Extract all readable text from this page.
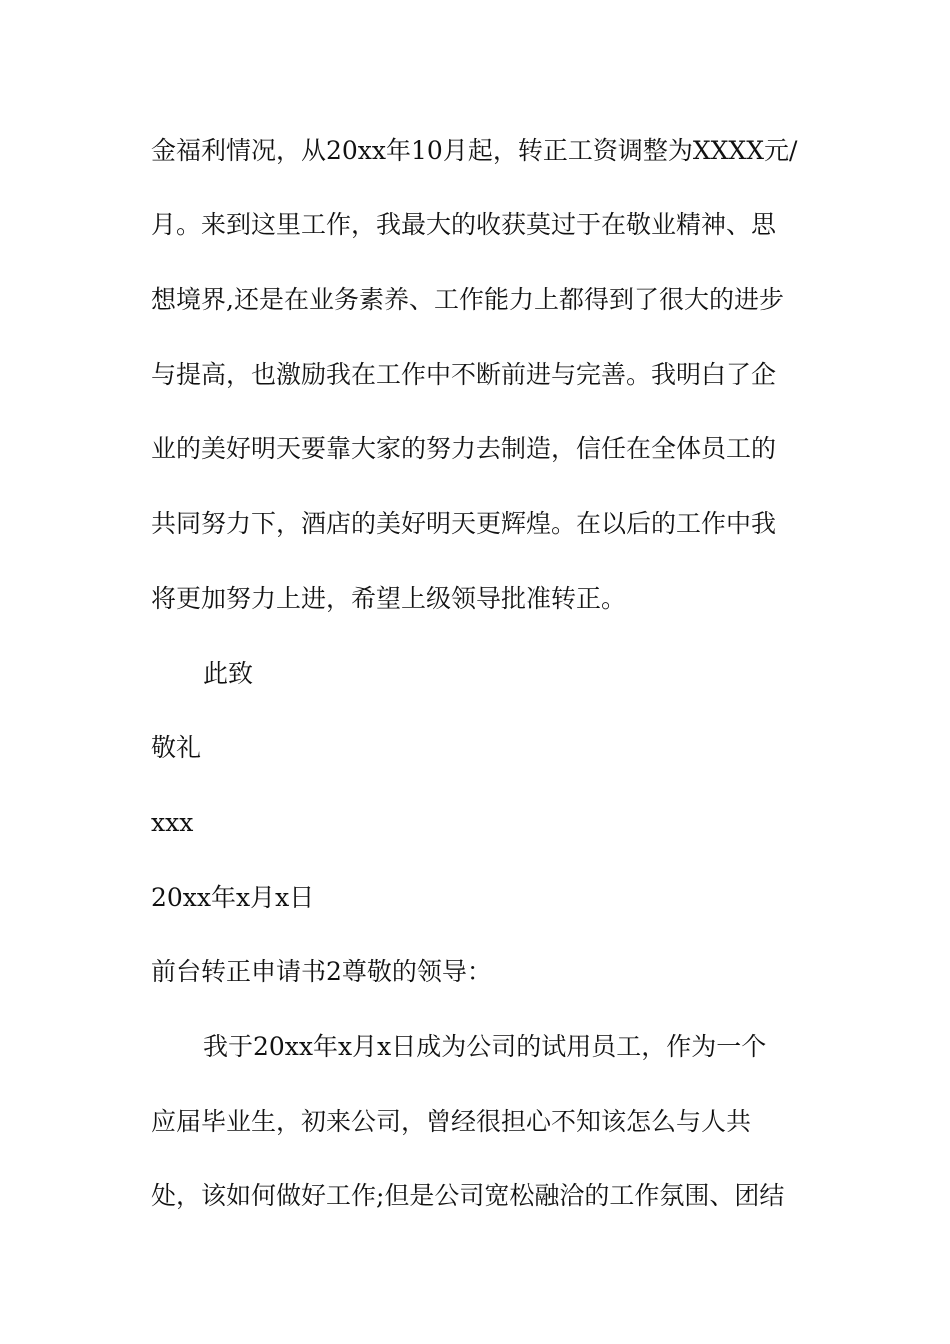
金福利情况，从20xx年10月起，转正工资调整为XXXX元/
月。来到这里工作，我最大的收获莫过于在敬业精神、思
想境界,还是在业务素养、工作能力上都得到了很大的进步
与提高，也激励我在工作中不断前进与完善。我明白了企
业的美好明天要靠大家的努力去制造，信任在全体员工的
共同努力下，酒店的美好明天更辉煌。在以后的工作中我
将更加努力上进，希望上级领导批准转正。
此致
敬礼
xxx
20xx年x月x日
前台转正申请书2尊敬的领导：
我于20xx年x月x日成为公司的试用员工，作为一个
应届毕业生，初来公司，曾经很担心不知该怎么与人共
处，该如何做好工作;但是公司宽松融洽的工作氛围、团结
